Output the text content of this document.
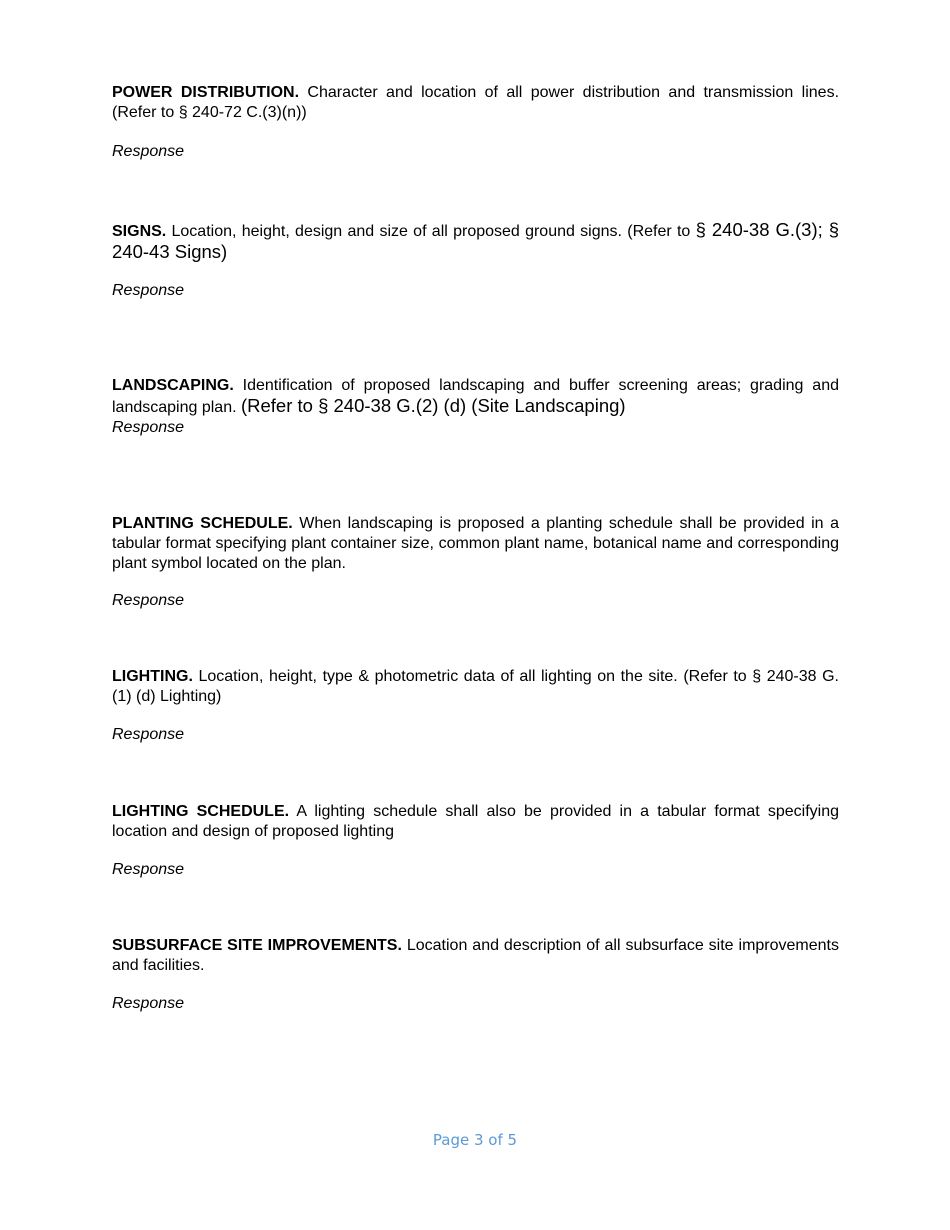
POWER DISTRIBUTION. Character and location of all power distribution and transmission lines. (Refer to § 240-72 C.(3)(n))

Response

SIGNS. Location, height, design and size of all proposed ground signs. (Refer to § 240-38 G.(3); § 240-43 Signs)

Response

LANDSCAPING. Identification of proposed landscaping and buffer screening areas; grading and landscaping plan. (Refer to § 240-38 G.(2) (d) (Site Landscaping)

Response

PLANTING SCHEDULE. When landscaping is proposed a planting schedule shall be provided in a tabular format specifying plant container size, common plant name, botanical name and corresponding plant symbol located on the plan.

Response

LIGHTING. Location, height, type & photometric data of all lighting on the site. (Refer to § 240-38 G.(1) (d) Lighting)

Response

LIGHTING SCHEDULE. A lighting schedule shall also be provided in a tabular format specifying location and design of proposed lighting

Response

SUBSURFACE SITE IMPROVEMENTS. Location and description of all subsurface site improvements and facilities.

Response

Page 3 of 5
